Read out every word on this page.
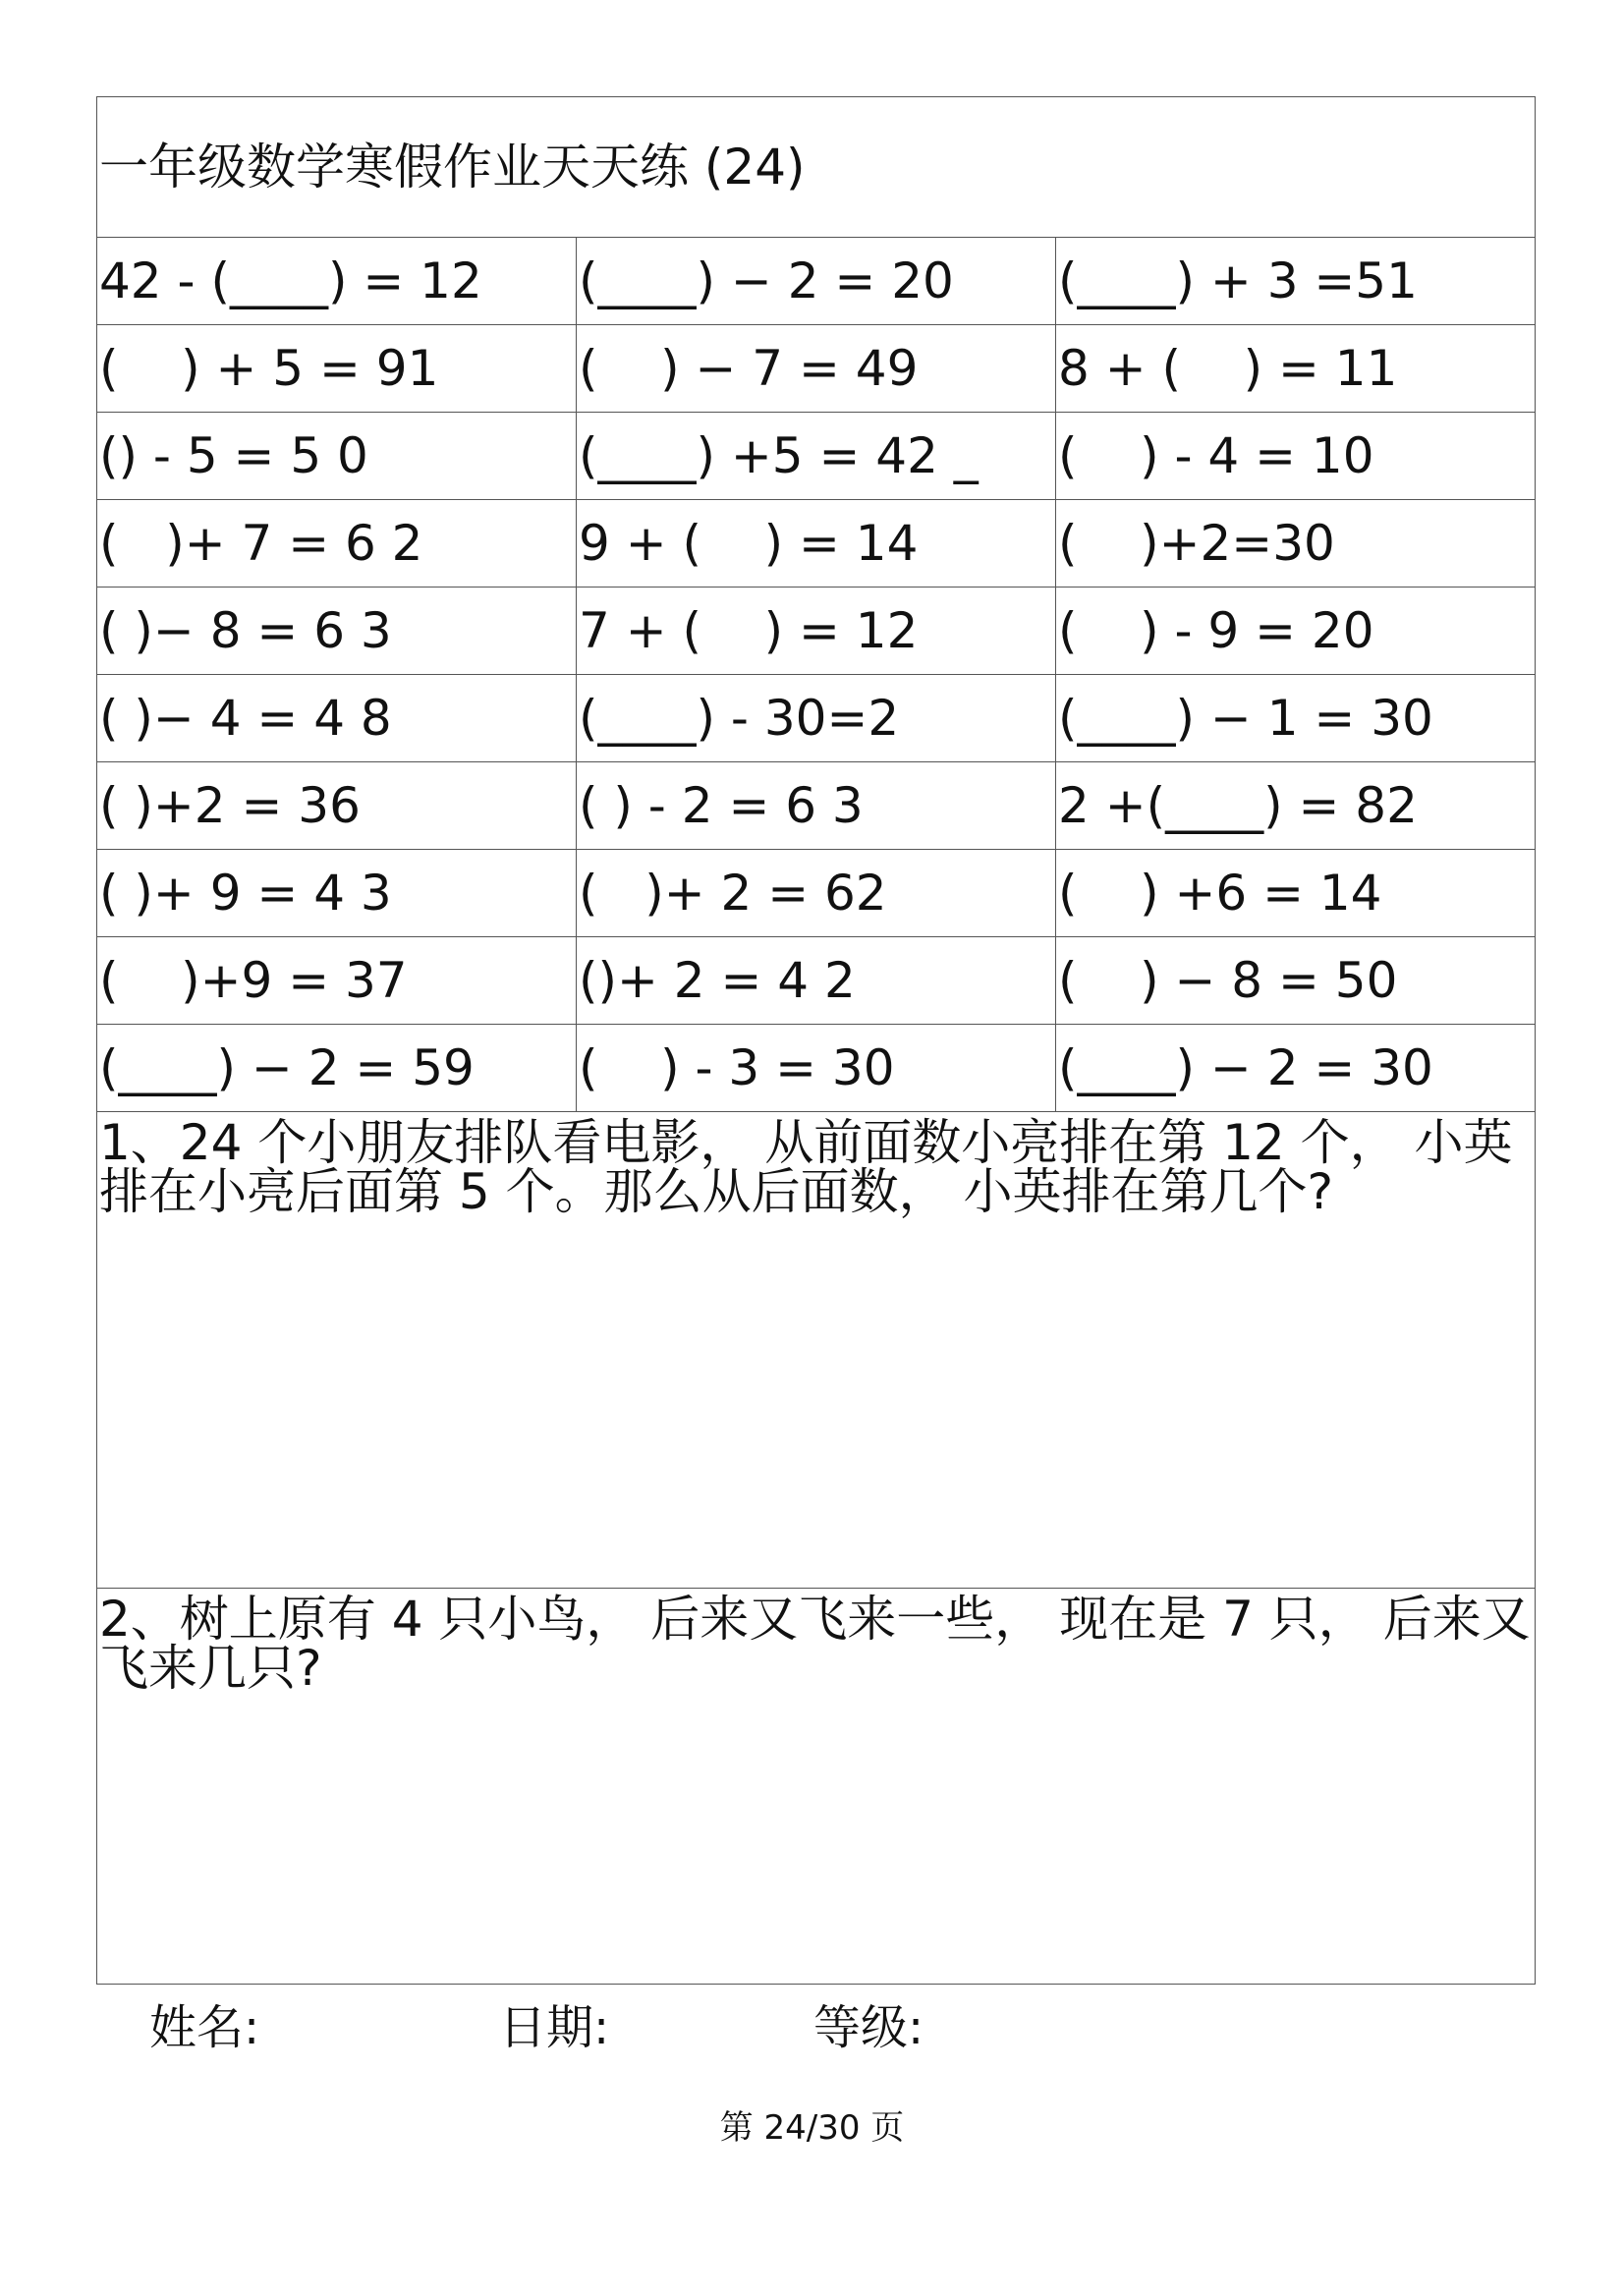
一年级数学寒假作业天天练 (24)		
42 - (____) = 12	(____) − 2 = 20	(____) + 3 =51
(    ) + 5 = 91	(    ) − 7 = 49	8 + (    ) = 11
() - 5 = 5 0	(____) +5 = 42 _	(    ) - 4 = 10
(   )+ 7 = 6 2	9 + (    ) = 14	(    )+2=30
( )− 8 = 6 3	7 + (    ) = 12	(    ) - 9 = 20
( )− 4 = 4 8	(____) - 30=2	(____) − 1 = 30
( )+2 = 36	( ) - 2 = 6 3	2 +(____) = 82
( )+ 9 = 4 3	(   )+ 2 = 62	(    ) +6 = 14
(    )+9 = 37	()+ 2 = 4 2	(    ) − 8 = 50
(____) − 2 = 59	(    ) - 3 = 30	(____) − 2 = 30
1、24 个小朋友排队看电影， 从前面数小亮排在第 12 个， 小英排在小亮后面第 5 个。那么从后面数， 小英排在第几个?		
2、树上原有 4 只小鸟， 后来又飞来一些， 现在是 7 只， 后来又飞来几只?		
姓名:	日期:	等级:
第 24/30 页
